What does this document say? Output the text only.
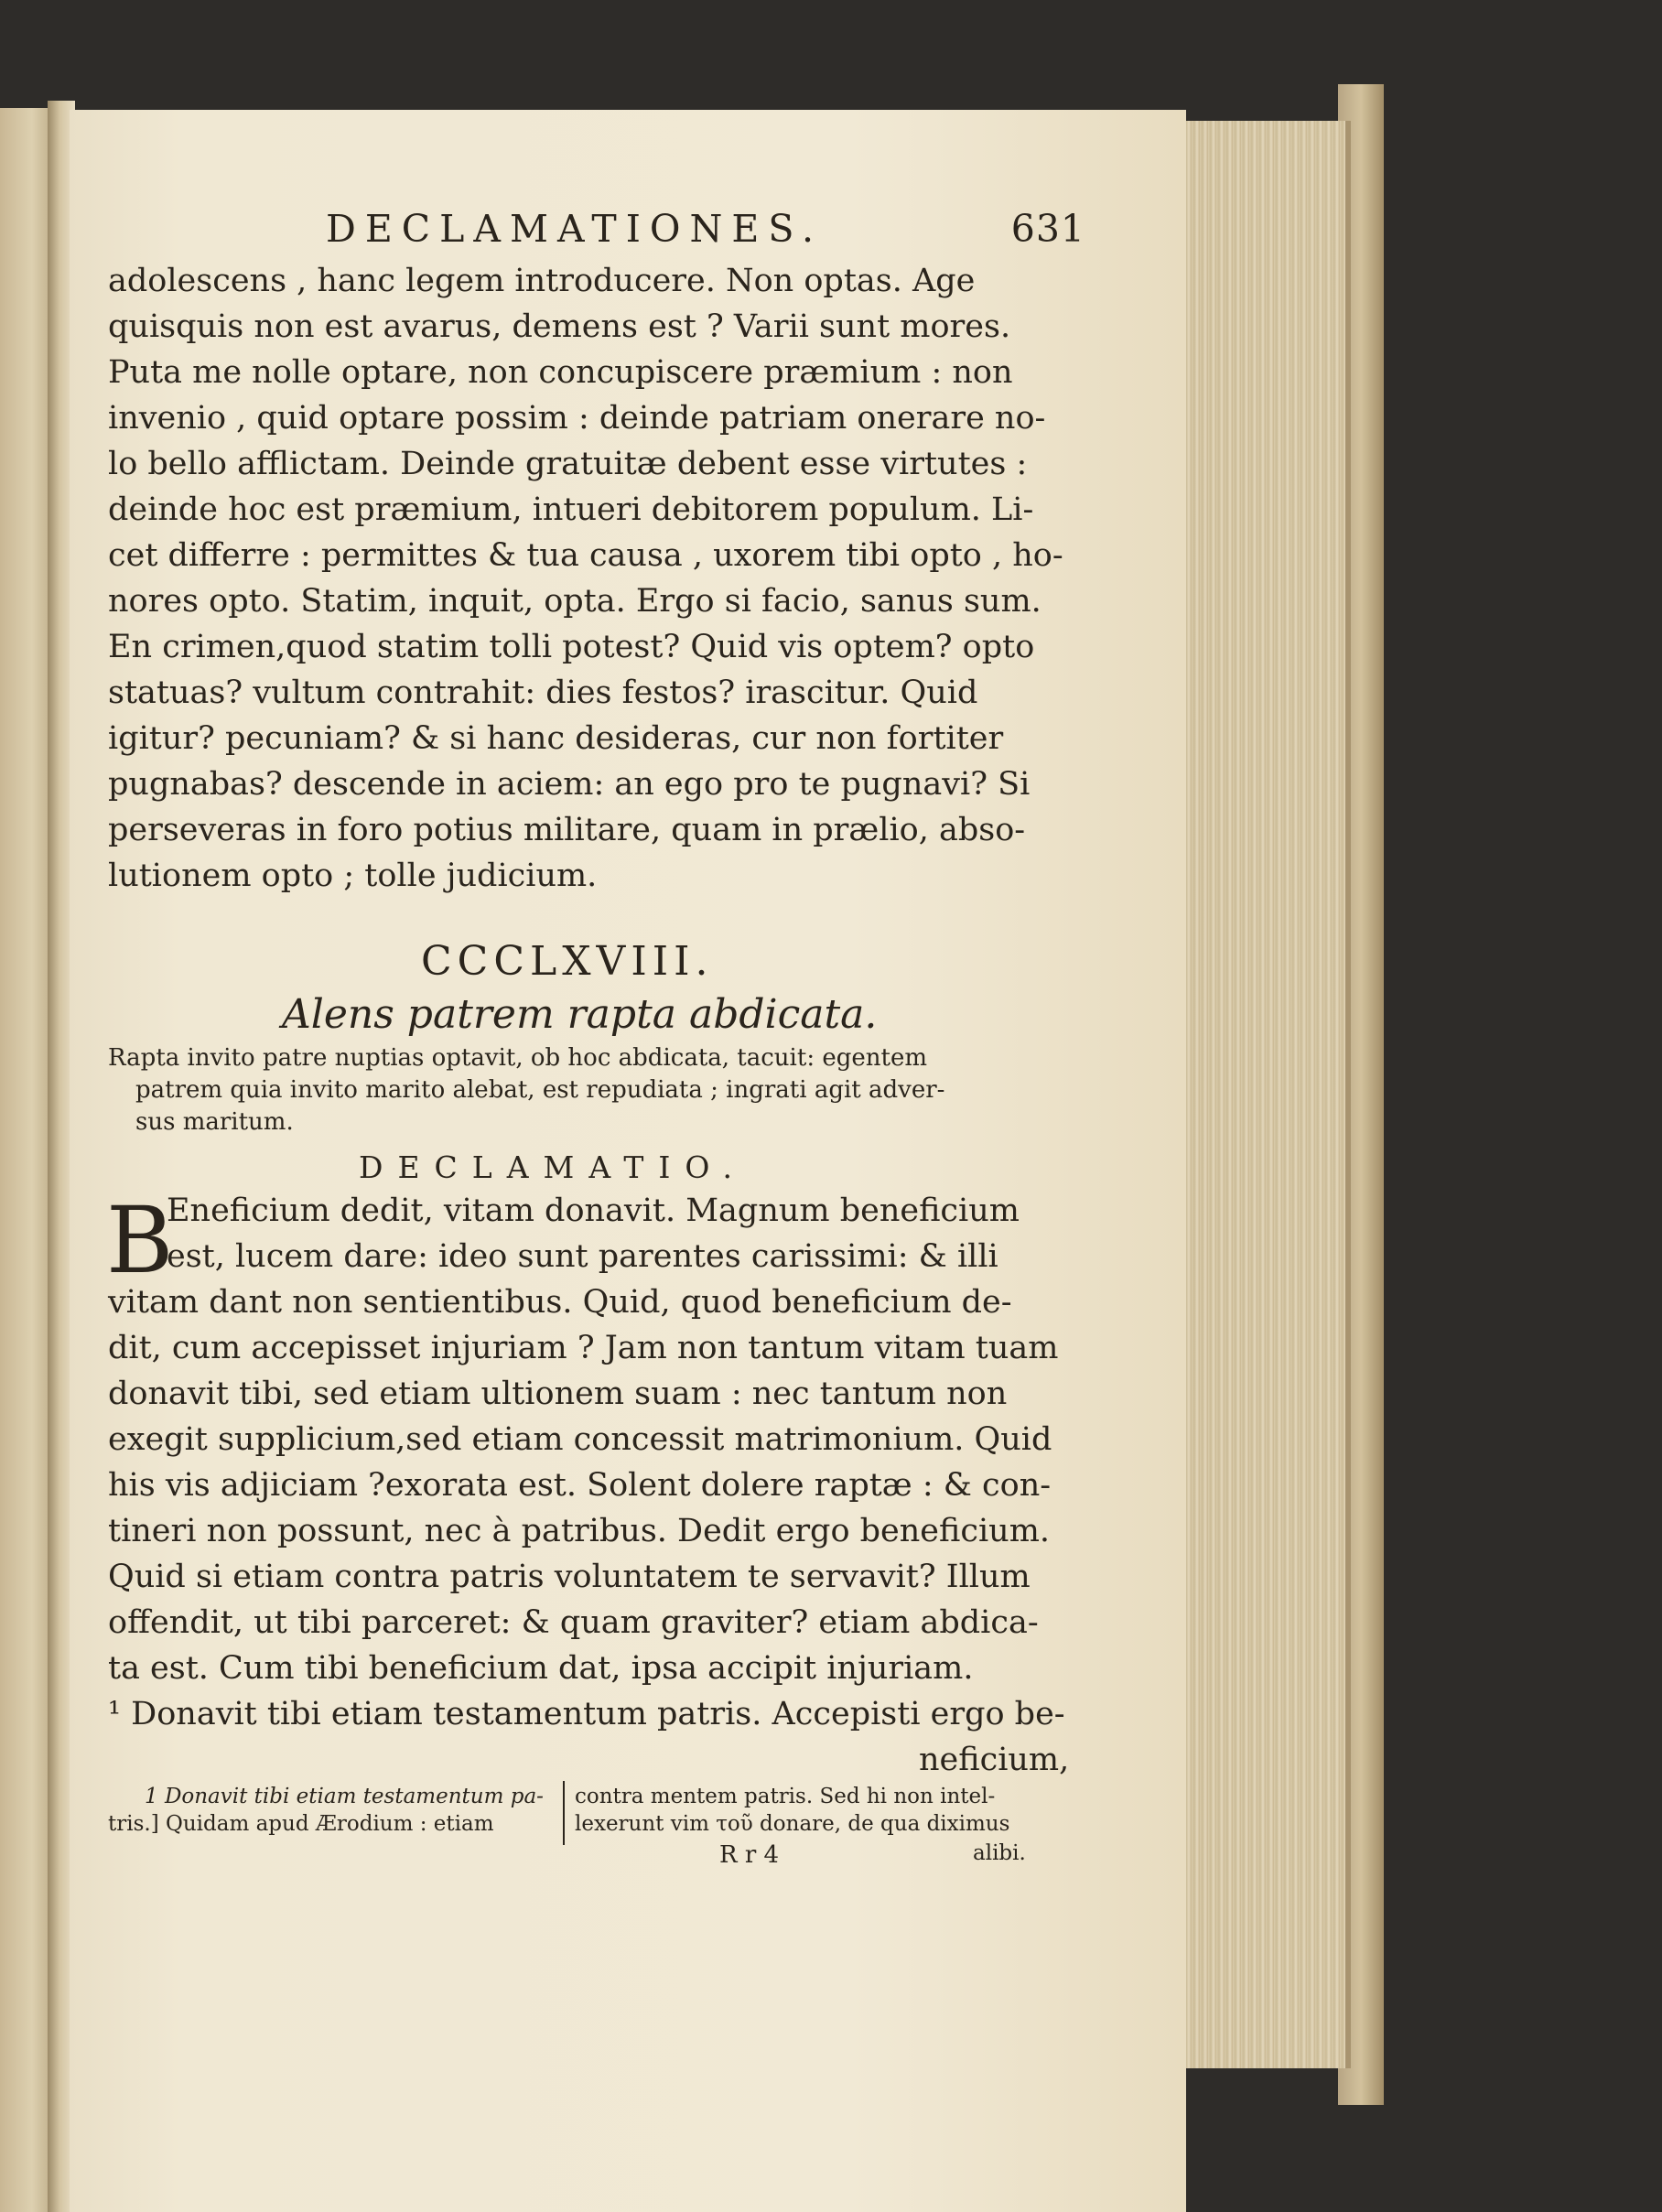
DECLAMATIONES.	631
adolescens , hanc legem introducere. Non optas. Age
quisquis non est avarus, demens est ? Varii sunt mores.
Puta me nolle optare, non concupiscere præmium : non
invenio , quid optare possim : deinde patriam onerare no-
lo bello afflictam. Deinde gratuitæ debent esse virtutes :
deinde hoc est præmium, intueri debitorem populum. Li-
cet differre : permittes & tua causa , uxorem tibi opto , ho-
nores opto. Statim, inquit, opta. Ergo si facio, sanus sum.
En crimen,quod statim tolli potest? Quid vis optem? opto
statuas? vultum contrahit: dies festos? irascitur. Quid
igitur? pecuniam? & si hanc desideras, cur non fortiter
pugnabas? descende in aciem: an ego pro te pugnavi? Si
perseveras in foro potius militare, quam in prælio, abso-
lutionem opto ; tolle judicium.
CCCLXVIII.
Alens patrem rapta abdicata.
Rapta invito patre nuptias optavit, ob hoc abdicata, tacuit: egentem
patrem quia invito marito alebat, est repudiata ; ingrati agit adver-
sus maritum.
DECLAMATIO.
B
Eneficium dedit, vitam donavit. Magnum beneficium
est, lucem dare: ideo sunt parentes carissimi: & illi
vitam dant non sentientibus. Quid, quod beneficium de-
dit, cum accepisset injuriam ? Jam non tantum vitam tuam
donavit tibi, sed etiam ultionem suam : nec tantum non
exegit supplicium,sed etiam concessit matrimonium. Quid
his vis adjiciam ?exorata est. Solent dolere raptæ : & con-
tineri non possunt, nec à patribus. Dedit ergo beneficium.
Quid si etiam contra patris voluntatem te servavit? Illum
offendit, ut tibi parceret: & quam graviter? etiam abdica-
ta est. Cum tibi beneficium dat, ipsa accipit injuriam.
¹ Donavit tibi etiam testamentum patris. Accepisti ergo be-
neficium,
1 Donavit tibi etiam testamentum pa-
tris.] Quidam apud Ærodium : etiam
contra mentem patris. Sed hi non intel-
lexerunt vim τοῦ donare, de qua diximus
R r 4	alibi.
